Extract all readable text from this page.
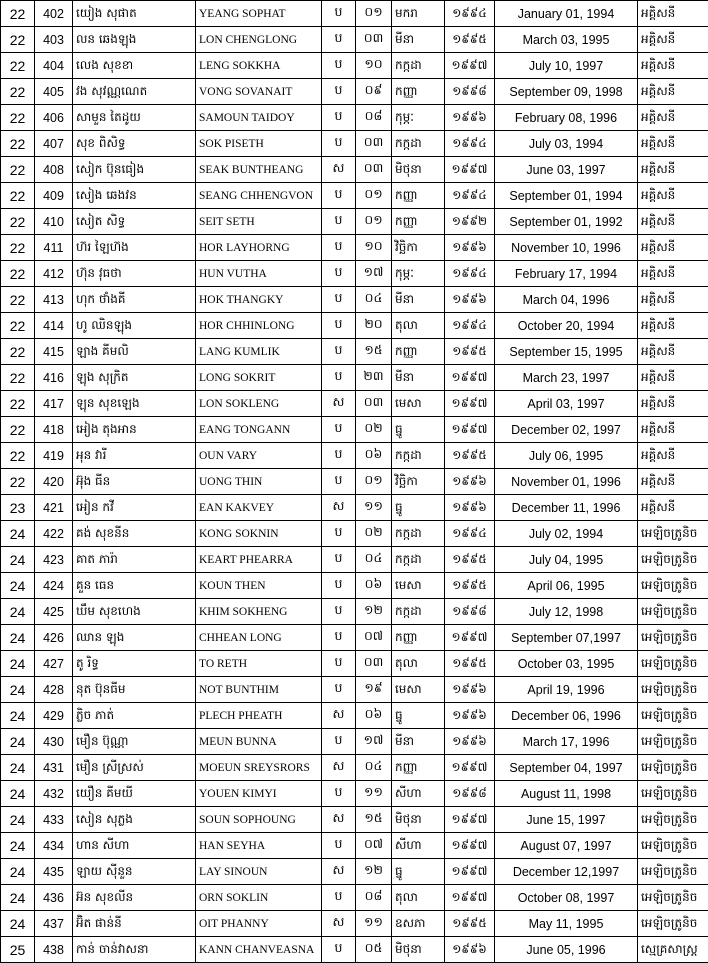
22	402	យៀង សុផាត	YEANG SOPHAT	ប	០១	មករា	១៩៩៤	January 01, 1994	អគ្គិសនី
22	403	លន ឆេងឡុង	LON CHENGLONG	ប	០៣	មីនា	១៩៩៥	March 03, 1995	អគ្គិសនី
22	404	លេង សុខខា	LENG SOKKHA	ប	១០	កក្កដា	១៩៩៧	July 10, 1997	អគ្គិសនី
22	405	វង សុវណ្ណណេត	VONG SOVANAIT	ប	០៩	កញ្ញា	១៩៩៨	September 09, 1998	អគ្គិសនី
22	406	សាមួន តៃដូយ	SAMOUN TAIDOY	ប	០៨	កុម្ភៈ	១៩៩៦	February 08, 1996	អគ្គិសនី
22	407	សុខ ពិសិទ្ធ	SOK PISETH	ប	០៣	កក្កដា	១៩៩៤	July 03, 1994	អគ្គិសនី
22	408	សៀក ប៊ុនធៀង	SEAK BUNTHEANG	ស	០៣	មិថុនា	១៩៩៧	June 03, 1997	អគ្គិសនី
22	409	សៀង ឆេងវន	SEANG CHHENGVON	ប	០១	កញ្ញា	១៩៩៤	September 01, 1994	អគ្គិសនី
22	410	សៀត សិទ្ធ	SEIT SETH	ប	០១	កញ្ញា	១៩៩២	September 01, 1992	អគ្គិសនី
22	411	ហ៊រ ឡៃហ៊ង	HOR LAYHORNG	ប	១០	វិច្ឆិកា	១៩៩៦	November 10, 1996	អគ្គិសនី
22	412	ហ៊ុន វុធថា	HUN VUTHA	ប	១៧	កុម្ភៈ	១៩៩៤	February 17, 1994	អគ្គិសនី
22	413	ហុក ថាំងគី	HOK THANGKY	ប	០៤	មីនា	១៩៩៦	March 04, 1996	អគ្គិសនី
22	414	ហូ ឈិនឡុង	HOR CHHINLONG	ប	២០	តុលា	១៩៩៤	October 20, 1994	អគ្គិសនី
22	415	ឡាង គីមលិ	LANG KUMLIK	ប	១៥	កញ្ញា	១៩៩៥	September 15, 1995	អគ្គិសនី
22	416	ឡុង សុក្រិត	LONG SOKRIT	ប	២៣	មីនា	១៩៩៧	March 23, 1997	អគ្គិសនី
22	417	ឡុន សុខឡេង	LON SOKLENG	ស	០៣	មេសា	១៩៩៧	April 03, 1997	អគ្គិសនី
22	418	អៀង តុងអាន	EANG TONGANN	ប	០២	ធ្នូ	១៩៩៧	December 02, 1997	អគ្គិសនី
22	419	អុន វារី	OUN VARY	ប	០៦	កក្កដា	១៩៩៥	July 06, 1995	អគ្គិសនី
22	420	អ៊ុង ធីន	UONG THIN	ប	០១	វិច្ឆិកា	១៩៩៦	November 01, 1996	អគ្គិសនី
23	421	អៀន កវី	EAN KAKVEY	ស	១១	ធ្នូ	១៩៩៦	December 11, 1996	អគ្គិសនី
24	422	គង់ សុខនីន	KONG SOKNIN	ប	០២	កក្កដា	១៩៩៤	July 02, 1994	អេឡិចត្រូនិច
24	423	គាត ភារ៉ា	KEART PHEARRA	ប	០៤	កក្កដា	១៩៩៥	July 04, 1995	អេឡិចត្រូនិច
24	424	គួន ធេន	KOUN THEN	ប	០៦	មេសា	១៩៩៥	April 06, 1995	អេឡិចត្រូនិច
24	425	ឃឹម សុខហេង	KHIM SOKHENG	ប	១២	កក្កដា	១៩៩៨	July 12, 1998	អេឡិចត្រូនិច
24	426	ឈាន ឡុង	CHHEAN LONG	ប	០៧	កញ្ញា	១៩៩៧	September 07,1997	អេឡិចត្រូនិច
24	427	តូ រិទ្ធ	TO RETH	ប	០៣	តុលា	១៩៩៥	October 03, 1995	អេឡិចត្រូនិច
24	428	នុត ប៊ុនធីម	NOT BUNTHIM	ប	១៩	មេសា	១៩៩៦	April 19, 1996	អេឡិចត្រូនិច
24	429	ភ្លិច ភាត់	PLECH PHEATH	ស	០៦	ធ្នូ	១៩៩៦	December 06, 1996	អេឡិចត្រូនិច
24	430	មឿន ប៊ុណ្ណា	MEUN BUNNA	ប	១៧	មីនា	១៩៩៦	March 17, 1996	អេឡិចត្រូនិច
24	431	មឿន ស្រីស្រស់	MOEUN SREYSRORS	ស	០៤	កញ្ញា	១៩៩៧	September 04, 1997	អេឡិចត្រូនិច
24	432	យឿន គីមយី	YOUEN KIMYI	ប	១១	សីហា	១៩៩៨	August 11, 1998	អេឡិចត្រូនិច
24	433	សៀន សុភ្លង	SOUN SOPHOUNG	ស	១៥	មិថុនា	១៩៩៧	June 15, 1997	អេឡិចត្រូនិច
24	434	ហាន សីហា	HAN SEYHA	ប	០៧	សីហា	១៩៩៧	August 07, 1997	អេឡិចត្រូនិច
24	435	ឡាយ ស៊ីនួន	LAY SINOUN	ស	១២	ធ្នូ	១៩៩៧	December 12,1997	អេឡិចត្រូនិច
24	436	អ៊ន សុខលីន	ORN SOKLIN	ប	០៨	តុលា	១៩៩៧	October 08, 1997	អេឡិចត្រូនិច
24	437	អ៊ិត ផាន់នី	OIT PHANNY	ស	១១	ឧសភា	១៩៩៥	May 11, 1995	អេឡិចត្រូនិច
25	438	កាន់ ចាន់វាសនា	KANN CHANVEASNA	ប	០៥	មិថុនា	១៩៩៦	June 05, 1996	ស្មេគ្រសាស្ត្រ
